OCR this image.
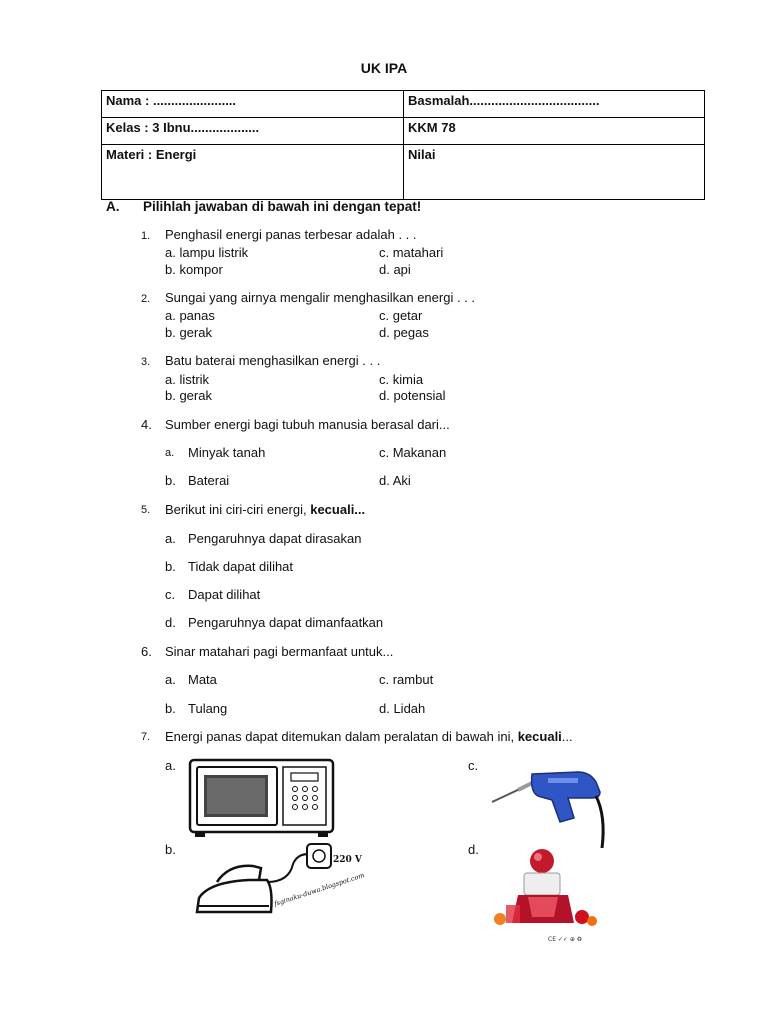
UK IPA
Nama : .......................	Basmalah....................................
Kelas : 3 Ibnu...................	KKM 78
Materi : Energi	Nilai
A. Pilihlah jawaban di bawah ini dengan tepat!
1. Penghasil energi panas terbesar adalah . . .
a. lampu listrik	c. matahari
b. kompor	d. api
2. Sungai yang airnya mengalir menghasilkan energi . . .
a. panas	c. getar
b. gerak	d. pegas
3. Batu baterai menghasilkan energi . . .
a. listrik	c. kimia
b. gerak	d. potensial
4. Sumber energi bagi tubuh manusia berasal dari...
a. Minyak tanah	c. Makanan
b. Baterai	d. Aki
5. Berikut ini ciri-ciri energi, kecuali...
a. Pengaruhnya dapat dirasakan
b. Tidak dapat dilihat
c. Dapat dilihat
d. Pengaruhnya dapat dimanfaatkan
6. Sinar matahari pagi bermanfaat untuk...
a. Mata	c. rambut
b. Tulang	d. Lidah
7. Energi panas dapat ditemukan dalam peralatan di bawah ini, kecuali...
a.	c.
b.	d.
220 V
fsginaku-duwa.blogspot.com
CE ✓✓ ⊕ ♻
